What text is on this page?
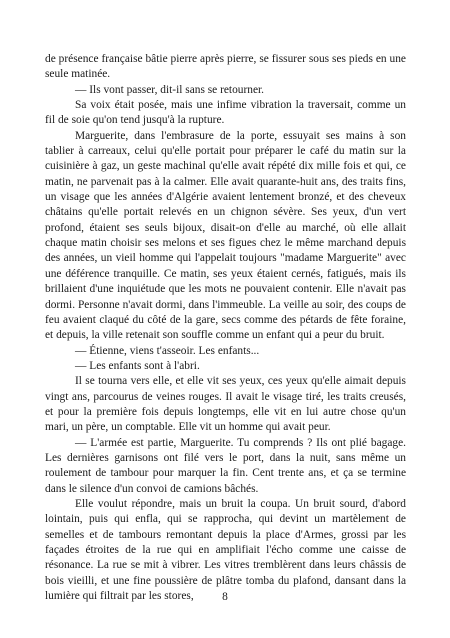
de présence française bâtie pierre après pierre, se fissurer sous ses pieds en une seule matinée.

— Ils vont passer, dit-il sans se retourner.

Sa voix était posée, mais une infime vibration la traversait, comme un fil de soie qu'on tend jusqu'à la rupture.

Marguerite, dans l'embrasure de la porte, essuyait ses mains à son tablier à carreaux, celui qu'elle portait pour préparer le café du matin sur la cuisinière à gaz, un geste machinal qu'elle avait répété dix mille fois et qui, ce matin, ne parvenait pas à la calmer. Elle avait quarante-huit ans, des traits fins, un visage que les années d'Algérie avaient lentement bronzé, et des cheveux châtains qu'elle portait relevés en un chignon sévère. Ses yeux, d'un vert profond, étaient ses seuls bijoux, disait-on d'elle au marché, où elle allait chaque matin choisir ses melons et ses figues chez le même marchand depuis des années, un vieil homme qui l'appelait toujours "madame Marguerite" avec une déférence tranquille. Ce matin, ses yeux étaient cernés, fatigués, mais ils brillaient d'une inquiétude que les mots ne pouvaient contenir. Elle n'avait pas dormi. Personne n'avait dormi, dans l'immeuble. La veille au soir, des coups de feu avaient claqué du côté de la gare, secs comme des pétards de fête foraine, et depuis, la ville retenait son souffle comme un enfant qui a peur du bruit.

— Étienne, viens t'asseoir. Les enfants...

— Les enfants sont à l'abri.

Il se tourna vers elle, et elle vit ses yeux, ces yeux qu'elle aimait depuis vingt ans, parcourus de veines rouges. Il avait le visage tiré, les traits creusés, et pour la première fois depuis longtemps, elle vit en lui autre chose qu'un mari, un père, un comptable. Elle vit un homme qui avait peur.

— L'armée est partie, Marguerite. Tu comprends ? Ils ont plié bagage. Les dernières garnisons ont filé vers le port, dans la nuit, sans même un roulement de tambour pour marquer la fin. Cent trente ans, et ça se termine dans le silence d'un convoi de camions bâchés.

Elle voulut répondre, mais un bruit la coupa. Un bruit sourd, d'abord lointain, puis qui enfla, qui se rapprocha, qui devint un martèlement de semelles et de tambours remontant depuis la place d'Armes, grossi par les façades étroites de la rue qui en amplifiait l'écho comme une caisse de résonance. La rue se mit à vibrer. Les vitres tremblèrent dans leurs châssis de bois vieilli, et une fine poussière de plâtre tomba du plafond, dansant dans la lumière qui filtrait par les stores,	8
